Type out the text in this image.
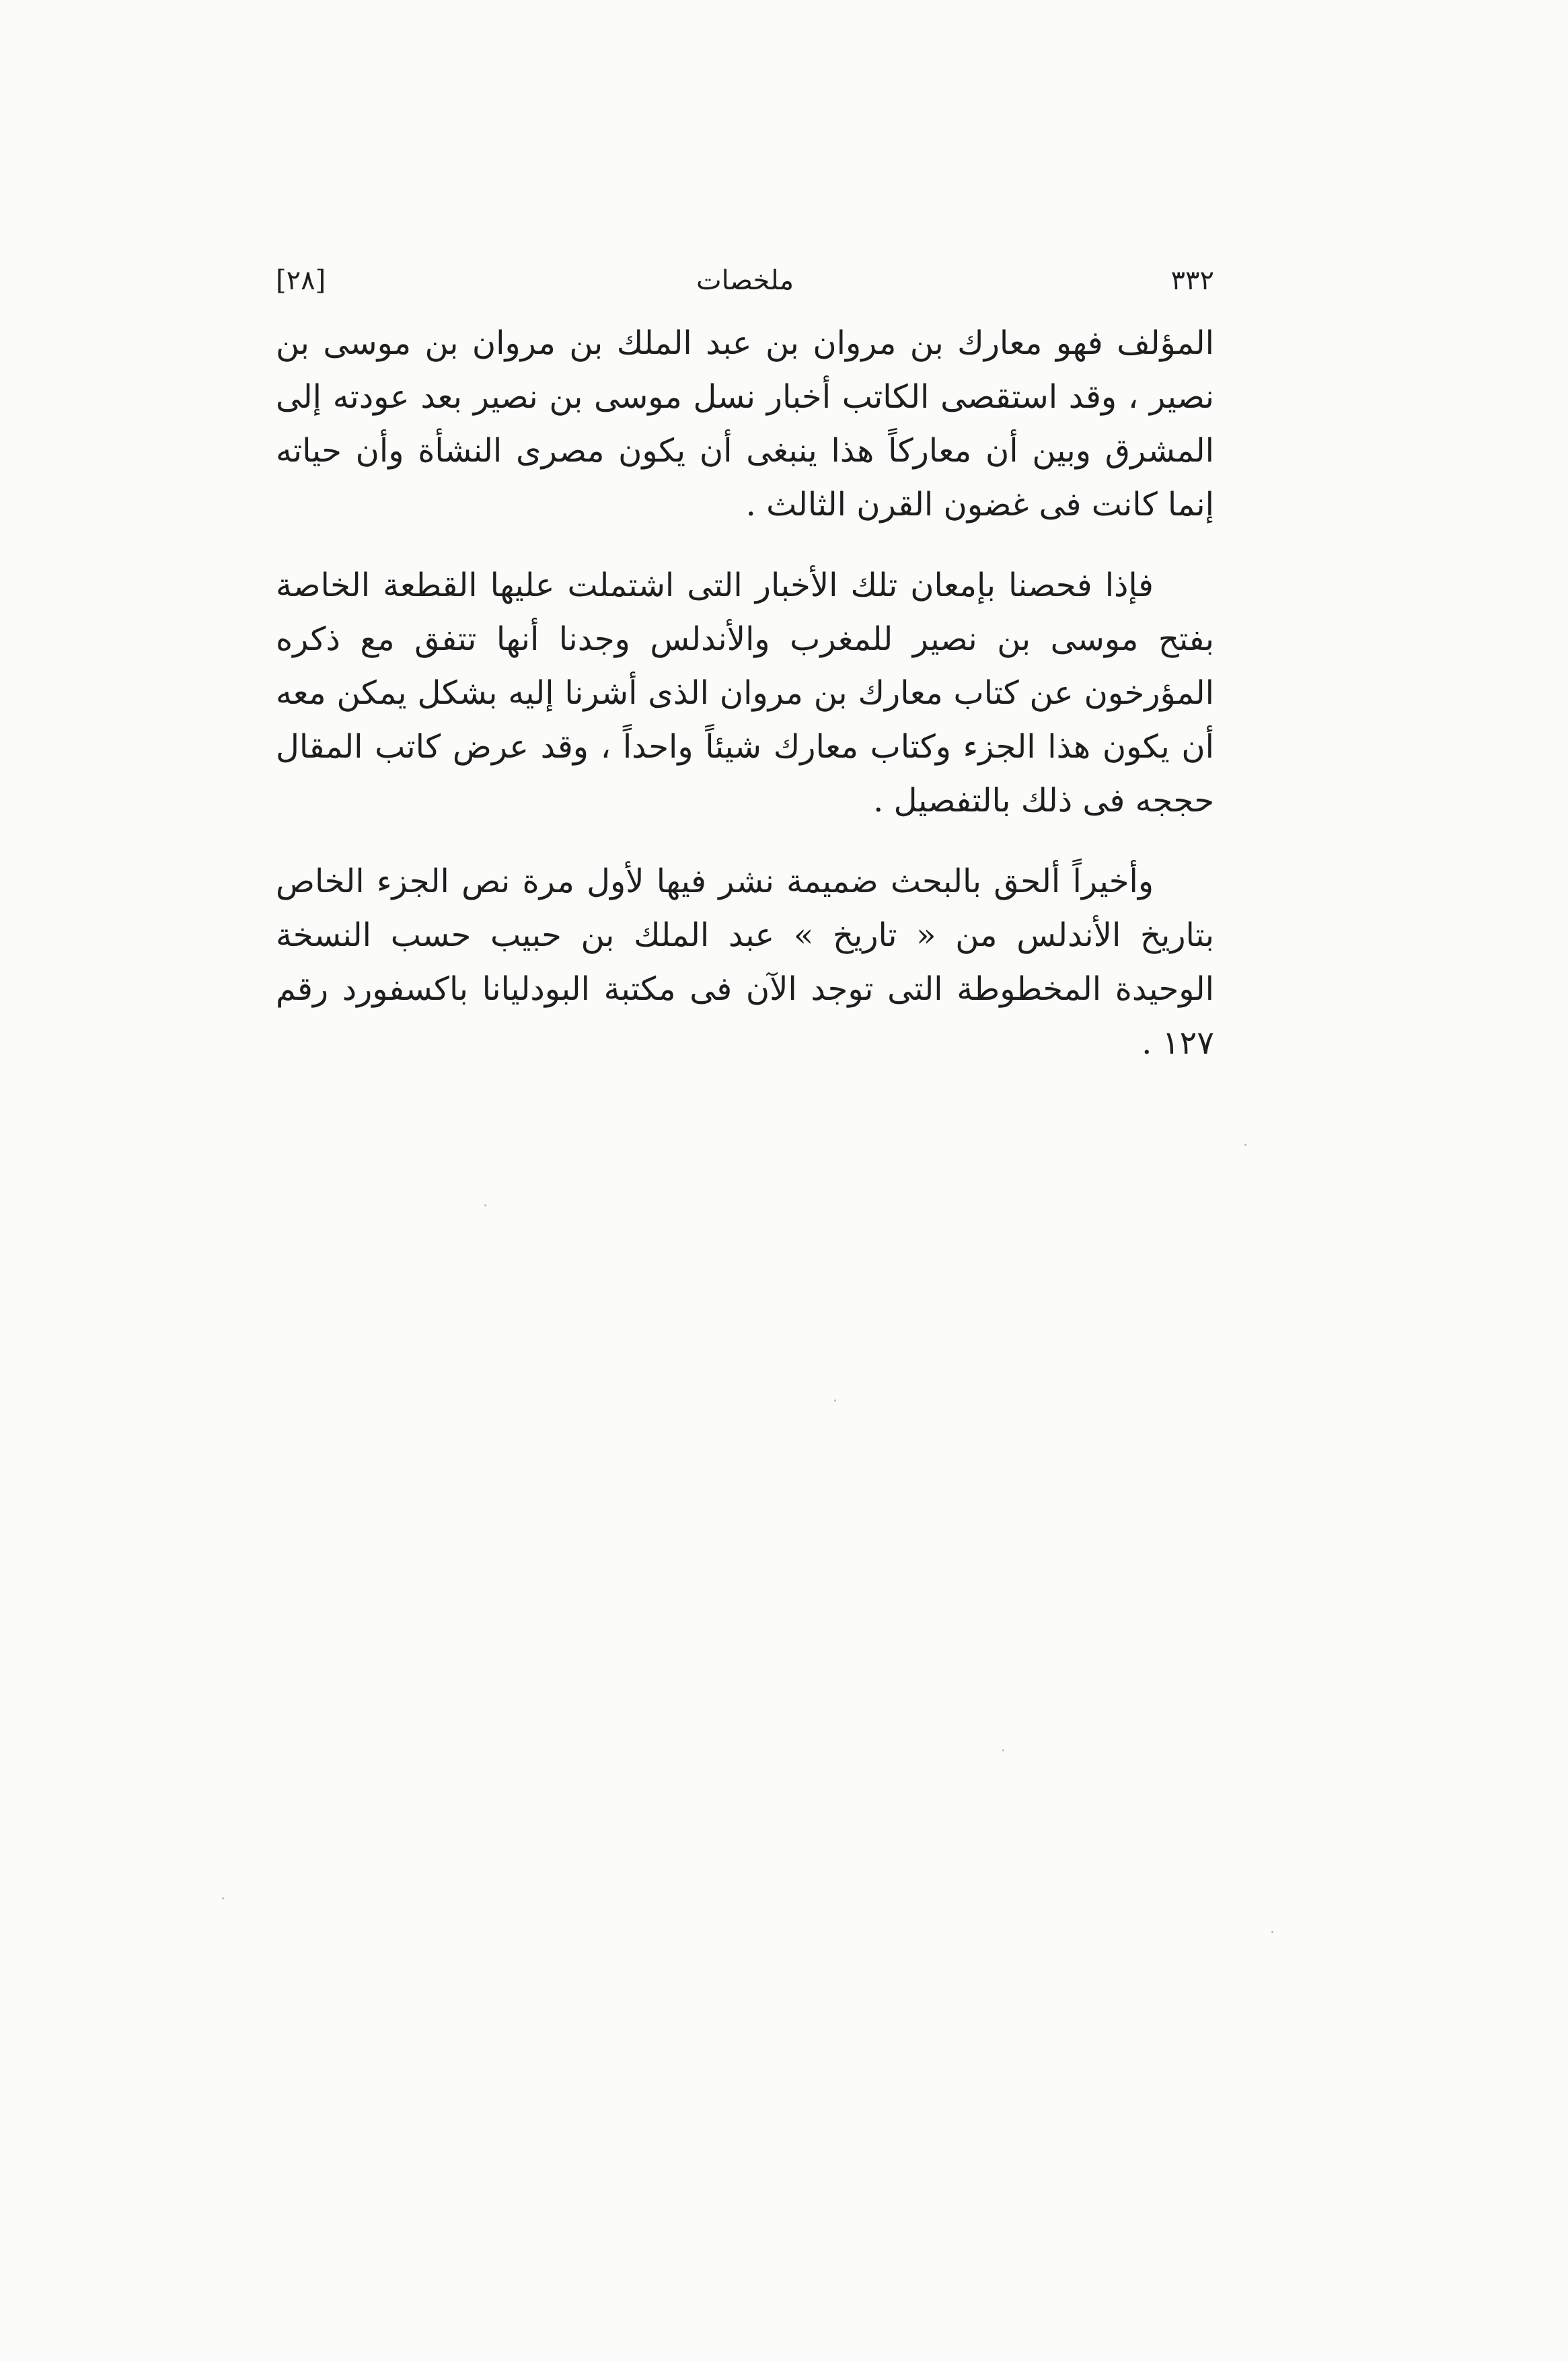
٣٣٢
ملخصات
[٢٨]

المؤلف فهو معارك بن مروان بن عبد الملك بن مروان بن موسى بن نصير ، وقد استقصى الكاتب أخبار نسل موسى بن نصير بعد عودته إلى المشرق وبين أن معاركاً هذا ينبغى أن يكون مصرى النشأة وأن حياته إنما كانت فى غضون القرن الثالث .

فإذا فحصنا بإمعان تلك الأخبار التى اشتملت عليها القطعة الخاصة بفتح موسى بن نصير للمغرب والأندلس وجدنا أنها تتفق مع ذكره المؤرخون عن كتاب معارك بن مروان الذى أشرنا إليه بشكل يمكن معه أن يكون هذا الجزء وكتاب معارك شيئاً واحداً ، وقد عرض كاتب المقال حججه فى ذلك بالتفصيل .

وأخيراً ألحق بالبحث ضميمة نشر فيها لأول مرة نص الجزء الخاص بتاريخ الأندلس من « تاريخ » عبد الملك بن حبيب حسب النسخة الوحيدة المخطوطة التى توجد الآن فى مكتبة البودليانا باكسفورد رقم ١٢٧ .
